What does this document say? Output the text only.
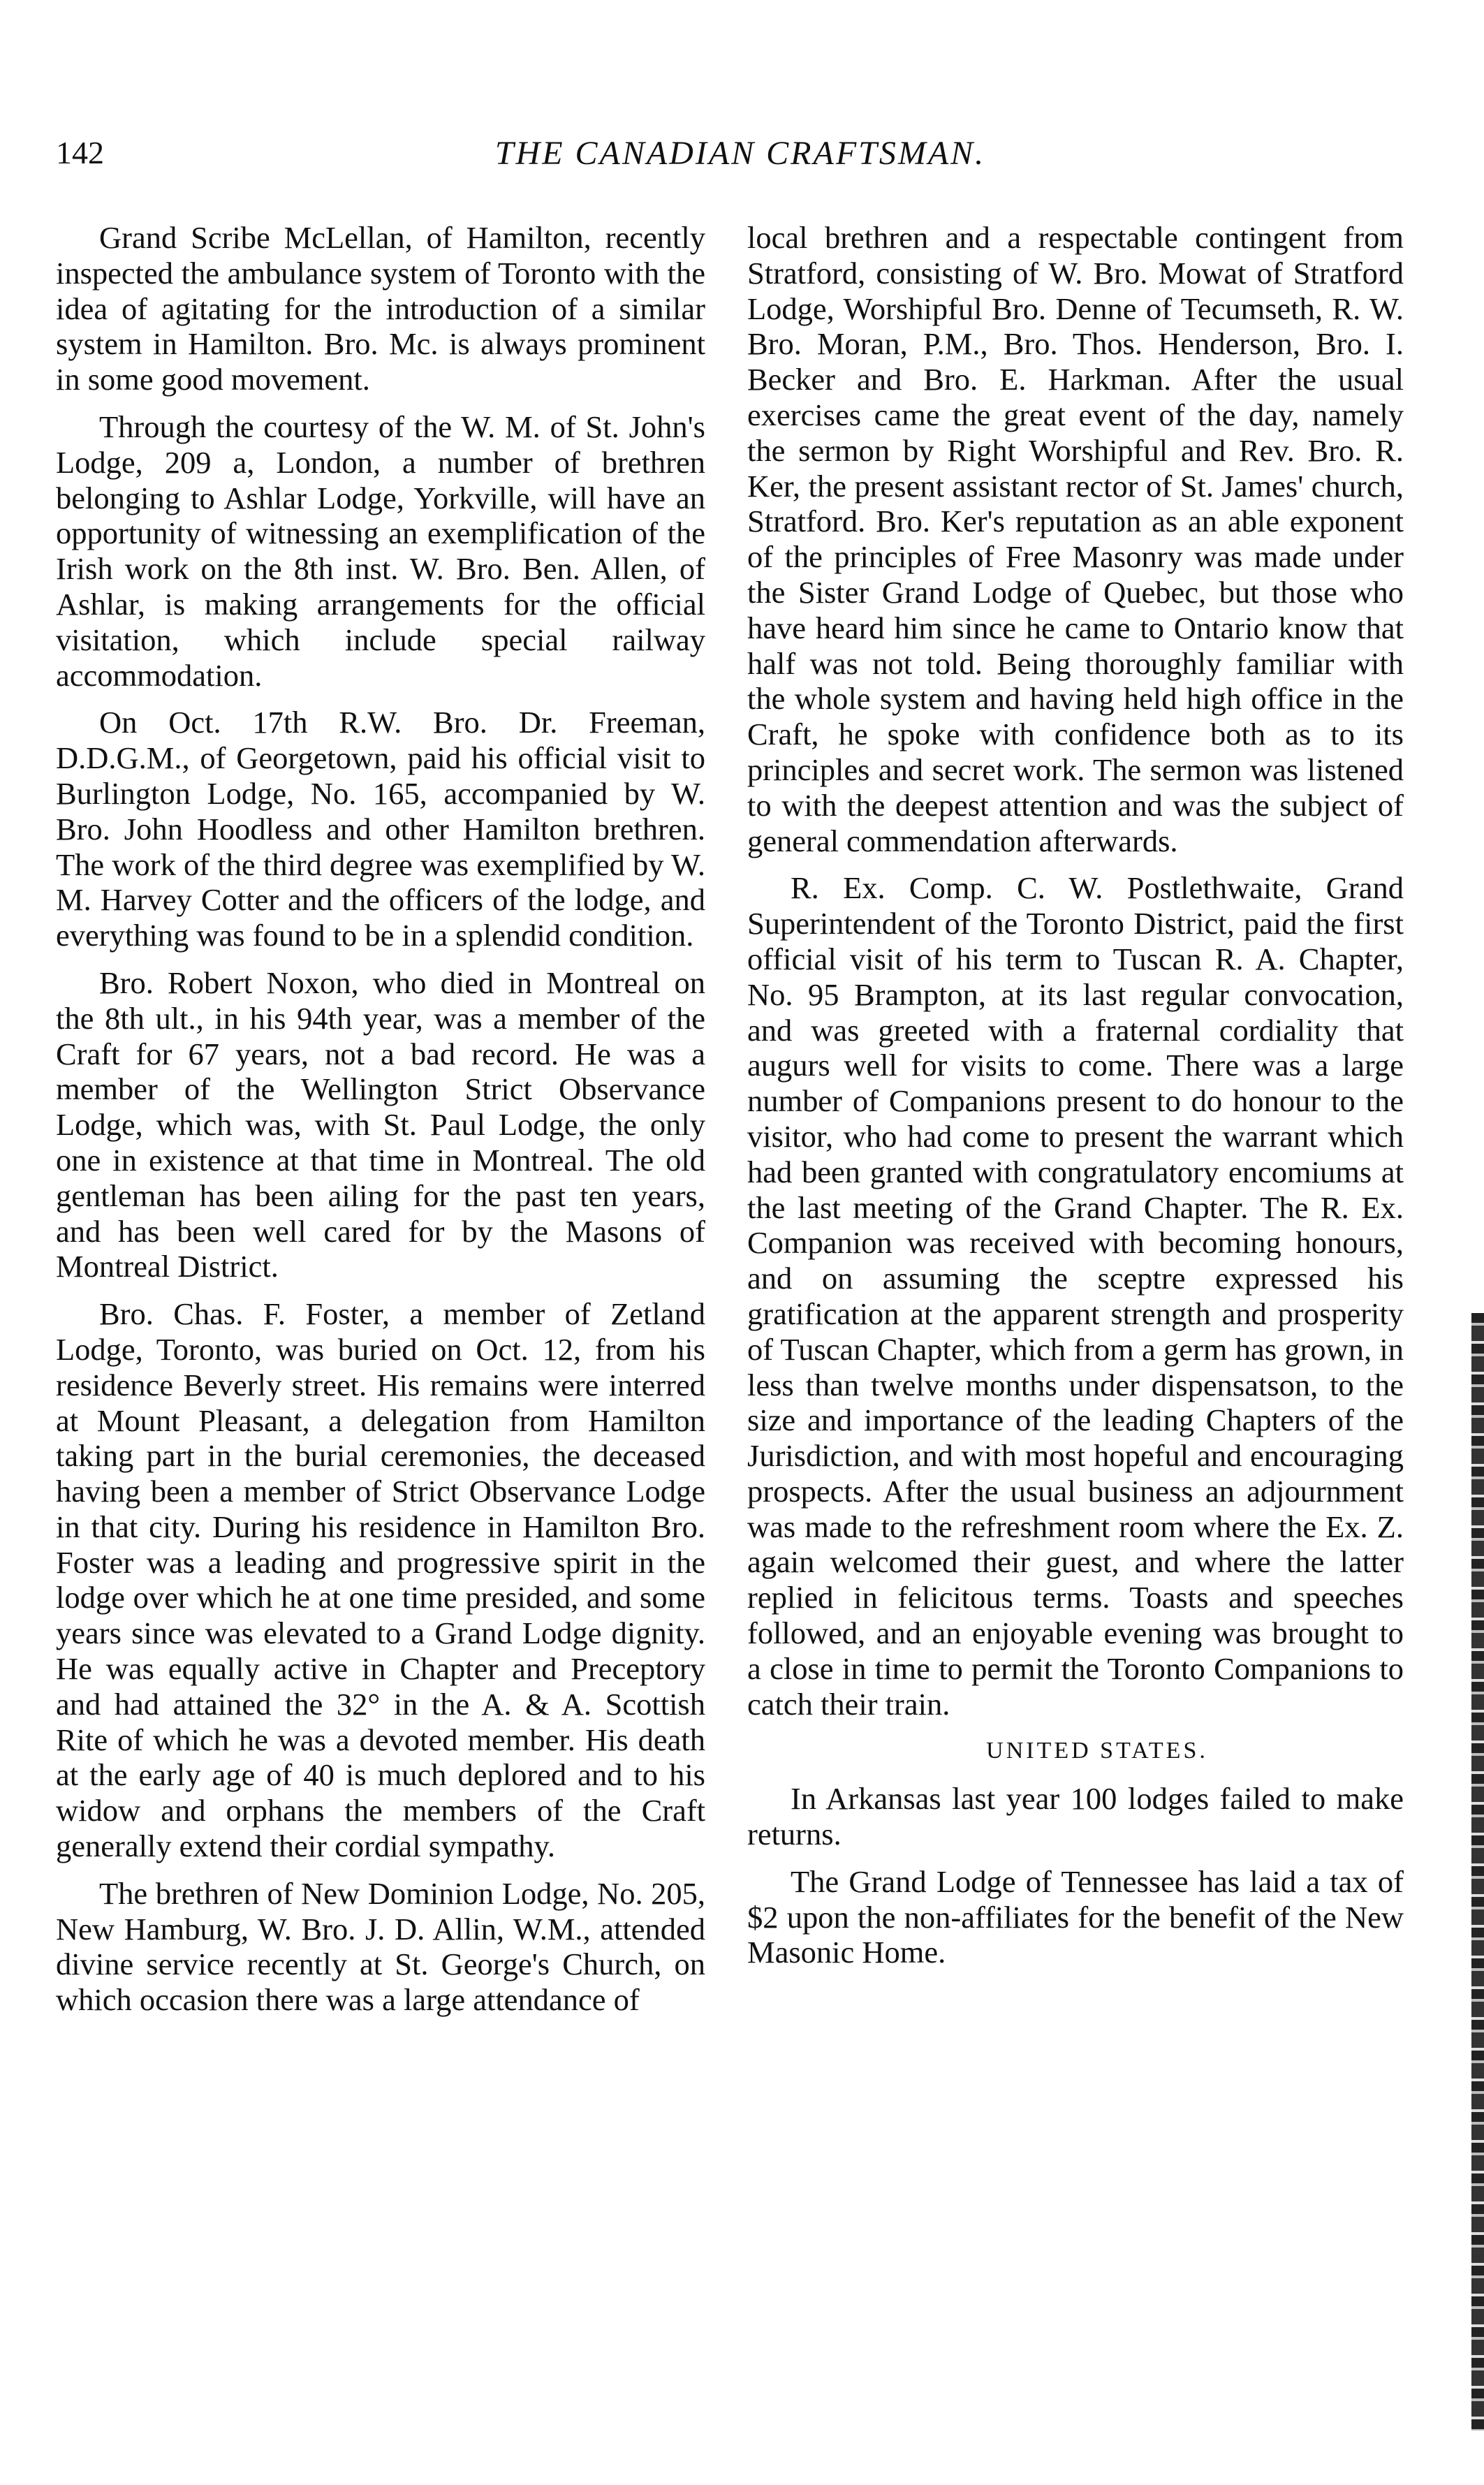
142	THE CANADIAN CRAFTSMAN.

Grand Scribe McLellan, of Hamilton, recently inspected the ambulance system of Toronto with the idea of agitating for the introduction of a similar system in Hamilton. Bro. Mc. is always prominent in some good movement.

Through the courtesy of the W. M. of St. John's Lodge, 209 a, London, a number of brethren belonging to Ashlar Lodge, Yorkville, will have an opportunity of witnessing an exemplification of the Irish work on the 8th inst. W. Bro. Ben. Allen, of Ashlar, is making arrangements for the official visitation, which include special railway accommodation.

On Oct. 17th R.W. Bro. Dr. Freeman, D.D.G.M., of Georgetown, paid his official visit to Burlington Lodge, No. 165, accompanied by W. Bro. John Hoodless and other Hamilton brethren. The work of the third degree was exemplified by W. M. Harvey Cotter and the officers of the lodge, and everything was found to be in a splendid condition.

Bro. Robert Noxon, who died in Montreal on the 8th ult., in his 94th year, was a member of the Craft for 67 years, not a bad record. He was a member of the Wellington Strict Observance Lodge, which was, with St. Paul Lodge, the only one in existence at that time in Montreal. The old gentleman has been ailing for the past ten years, and has been well cared for by the Masons of Montreal District.

Bro. Chas. F. Foster, a member of Zetland Lodge, Toronto, was buried on Oct. 12, from his residence Beverly street. His remains were interred at Mount Pleasant, a delegation from Hamilton taking part in the burial ceremonies, the deceased having been a member of Strict Observance Lodge in that city. During his residence in Hamilton Bro. Foster was a leading and progressive spirit in the lodge over which he at one time presided, and some years since was elevated to a Grand Lodge dignity. He was equally active in Chapter and Preceptory and had attained the 32° in the A. & A. Scottish Rite of which he was a devoted member. His death at the early age of 40 is much deplored and to his widow and orphans the members of the Craft generally extend their cordial sympathy.

The brethren of New Dominion Lodge, No. 205, New Hamburg, W. Bro. J. D. Allin, W.M., attended divine service recently at St. George's Church, on which occasion there was a large attendance of

local brethren and a respectable contingent from Stratford, consisting of W. Bro. Mowat of Stratford Lodge, Worshipful Bro. Denne of Tecumseth, R. W. Bro. Moran, P.M., Bro. Thos. Henderson, Bro. I. Becker and Bro. E. Harkman. After the usual exercises came the great event of the day, namely the sermon by Right Worshipful and Rev. Bro. R. Ker, the present assistant rector of St. James' church, Stratford. Bro. Ker's reputation as an able exponent of the principles of Free Masonry was made under the Sister Grand Lodge of Quebec, but those who have heard him since he came to Ontario know that half was not told. Being thoroughly familiar with the whole system and having held high office in the Craft, he spoke with confidence both as to its principles and secret work. The sermon was listened to with the deepest attention and was the subject of general commendation afterwards.

R. Ex. Comp. C. W. Postlethwaite, Grand Superintendent of the Toronto District, paid the first official visit of his term to Tuscan R. A. Chapter, No. 95 Brampton, at its last regular convocation, and was greeted with a fraternal cordiality that augurs well for visits to come. There was a large number of Companions present to do honour to the visitor, who had come to present the warrant which had been granted with congratulatory encomiums at the last meeting of the Grand Chapter. The R. Ex. Companion was received with becoming honours, and on assuming the sceptre expressed his gratification at the apparent strength and prosperity of Tuscan Chapter, which from a germ has grown, in less than twelve months under dispensatson, to the size and importance of the leading Chapters of the Jurisdiction, and with most hopeful and encouraging prospects. After the usual business an adjournment was made to the refreshment room where the Ex. Z. again welcomed their guest, and where the latter replied in felicitous terms. Toasts and speeches followed, and an enjoyable evening was brought to a close in time to permit the Toronto Companions to catch their train.

UNITED STATES.

In Arkansas last year 100 lodges failed to make returns.

The Grand Lodge of Tennessee has laid a tax of $2 upon the non-affiliates for the benefit of the New Masonic Home.
